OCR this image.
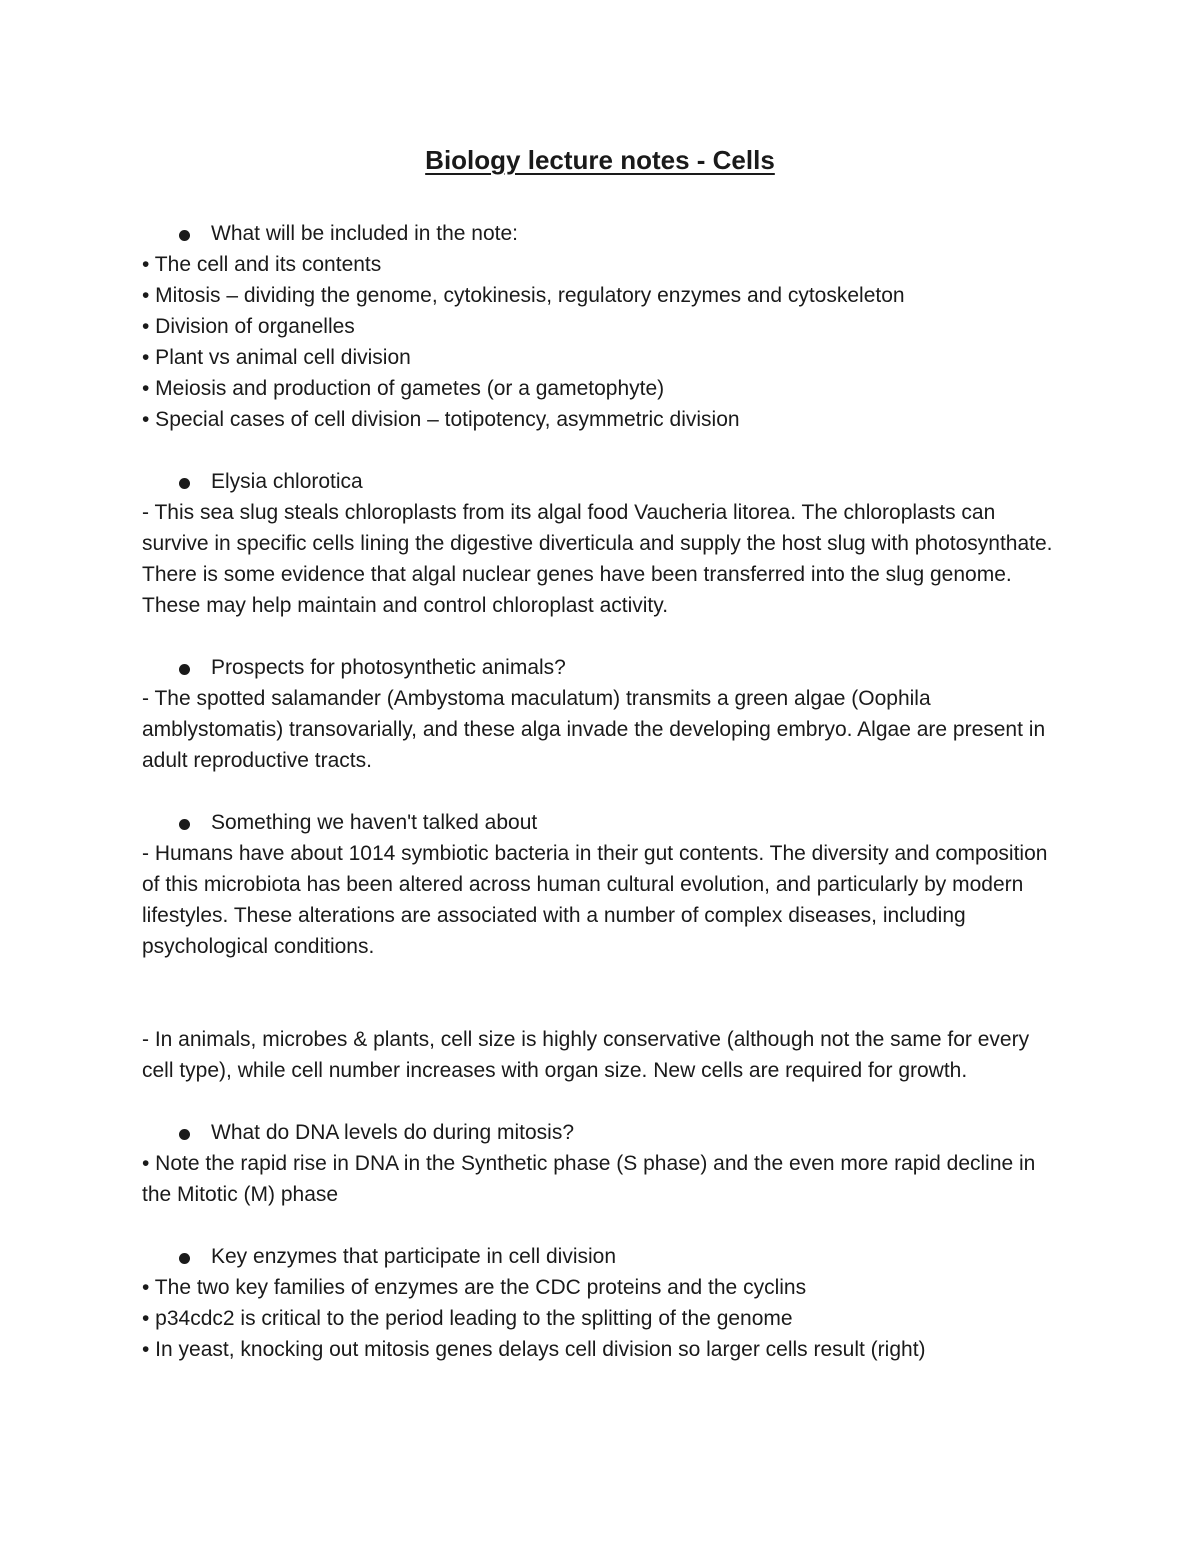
Biology lecture notes - Cells

What will be included in the note:

• The cell and its contents

• Mitosis – dividing the genome, cytokinesis, regulatory enzymes and cytoskeleton

• Division of organelles

• Plant vs animal cell division

• Meiosis and production of gametes (or a gametophyte)

• Special cases of cell division – totipotency, asymmetric division

Elysia chlorotica

- This sea slug steals chloroplasts from its algal food Vaucheria litorea. The chloroplasts can survive in specific cells lining the digestive diverticula and supply the host slug with photosynthate. There is some evidence that algal nuclear genes have been transferred into the slug genome. These may help maintain and control chloroplast activity.

Prospects for photosynthetic animals?

- The spotted salamander (Ambystoma maculatum) transmits a green algae (Oophila amblystomatis) transovarially, and these alga invade the developing embryo. Algae are present in adult reproductive tracts.

Something we haven't talked about

- Humans have about 1014 symbiotic bacteria in their gut contents. The diversity and composition of this microbiota has been altered across human cultural evolution, and particularly by modern lifestyles. These alterations are associated with a number of complex diseases, including psychological conditions.

- In animals, microbes & plants, cell size is highly conservative (although not the same for every cell type), while cell number increases with organ size. New cells are required for growth.

What do DNA levels do during mitosis?

• Note the rapid rise in DNA in the Synthetic phase (S phase) and the even more rapid decline in the Mitotic (M) phase

Key enzymes that participate in cell division

• The two key families of enzymes are the CDC proteins and the cyclins

• p34cdc2 is critical to the period leading to the splitting of the genome

• In yeast, knocking out mitosis genes delays cell division so larger cells result (right)
